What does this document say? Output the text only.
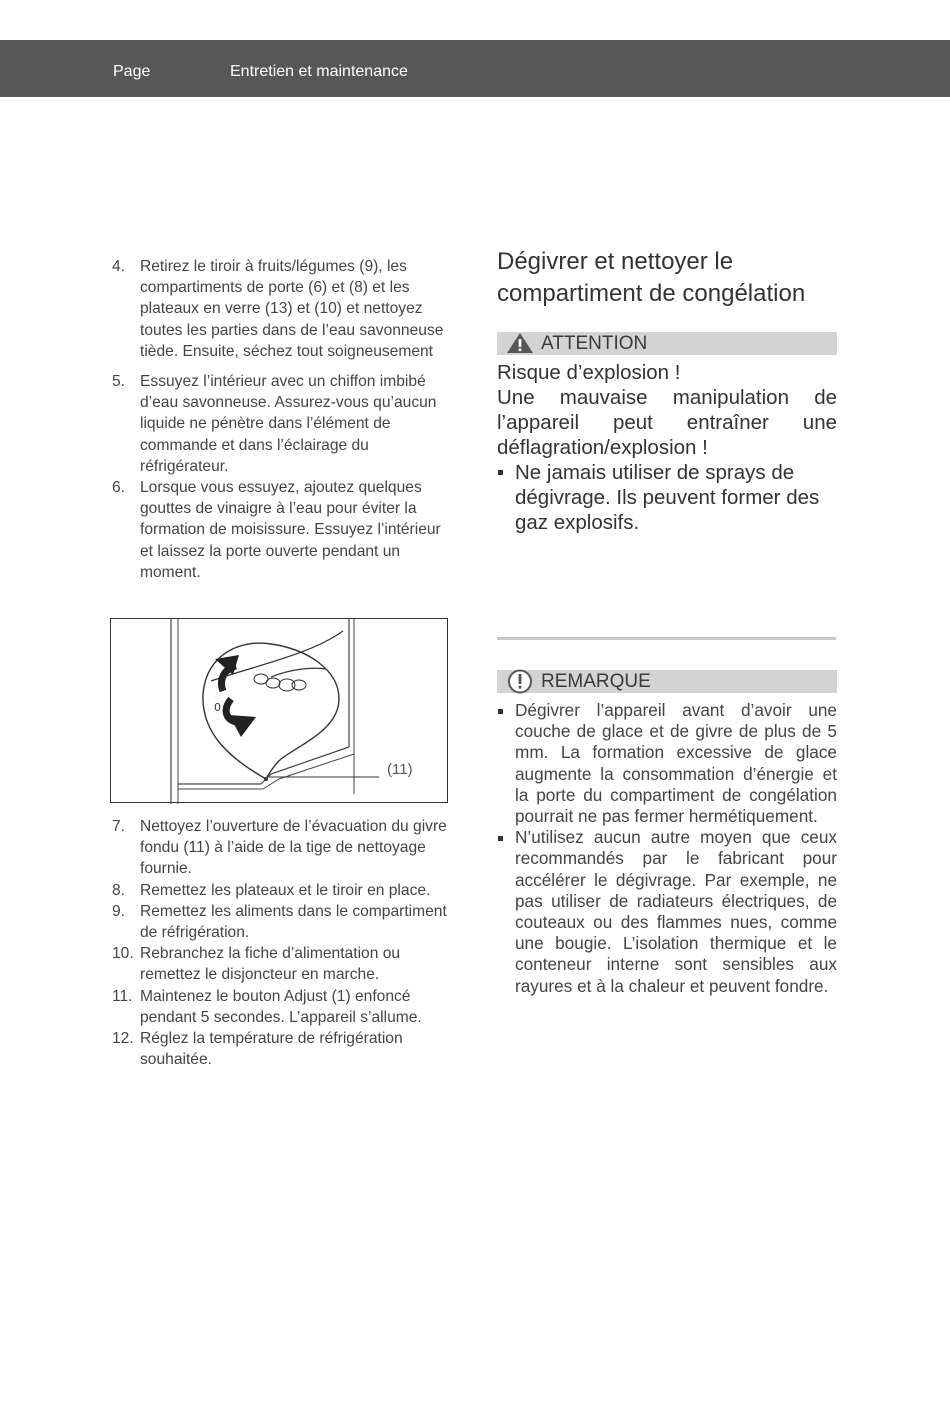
Page	Entretien et maintenance
4. Retirez le tiroir à fruits/légumes (9), les compartiments de porte (6) et (8) et les plateaux en verre (13) et (10) et nettoyez toutes les parties dans de l’eau savonneuse tiède. Ensuite, séchez tout soigneusement
5. Essuyez l’intérieur avec un chiffon imbibé d’eau savonneuse. Assurez-vous qu’aucun liquide ne pénètre dans l’élément de commande et dans l’éclairage du réfrigérateur.
6. Lorsque vous essuyez, ajoutez quelques gouttes de vinaigre à l’eau pour éviter la formation de moisissure. Essuyez l’intérieur et laissez la porte ouverte pendant un moment.
0
(11)
7. Nettoyez l’ouverture de l’évacuation du givre fondu (11) à l’aide de la tige de nettoyage fournie.
8. Remettez les plateaux et le tiroir en place.
9. Remettez les aliments dans le compartiment de réfrigération.
10. Rebranchez la fiche d’alimentation ou remettez le disjoncteur en marche.
11. Maintenez le bouton Adjust (1) enfoncé pendant 5 secondes. L’appareil s’allume.
12. Réglez la température de réfrigération souhaitée.
Dégivrer et nettoyer le compartiment de congélation
ATTENTION
Risque d’explosion !
Une mauvaise manipulation de l’appareil peut entraîner une déflagration/explosion !
Ne jamais utiliser de sprays de dégivrage. Ils peuvent former des gaz explosifs.
REMARQUE
Dégivrer l’appareil avant d’avoir une couche de glace et de givre de plus de 5 mm. La formation excessive de glace augmente la consommation d’énergie et la porte du compartiment de congélation pourrait ne pas fermer hermétiquement.
N’utilisez aucun autre moyen que ceux recommandés par le fabricant pour accélérer le dégivrage. Par exemple, ne pas utiliser de radiateurs électriques, de couteaux ou des flammes nues, comme une bougie. L’isolation thermique et le conteneur interne sont sensibles aux rayures et à la chaleur et peuvent fondre.
